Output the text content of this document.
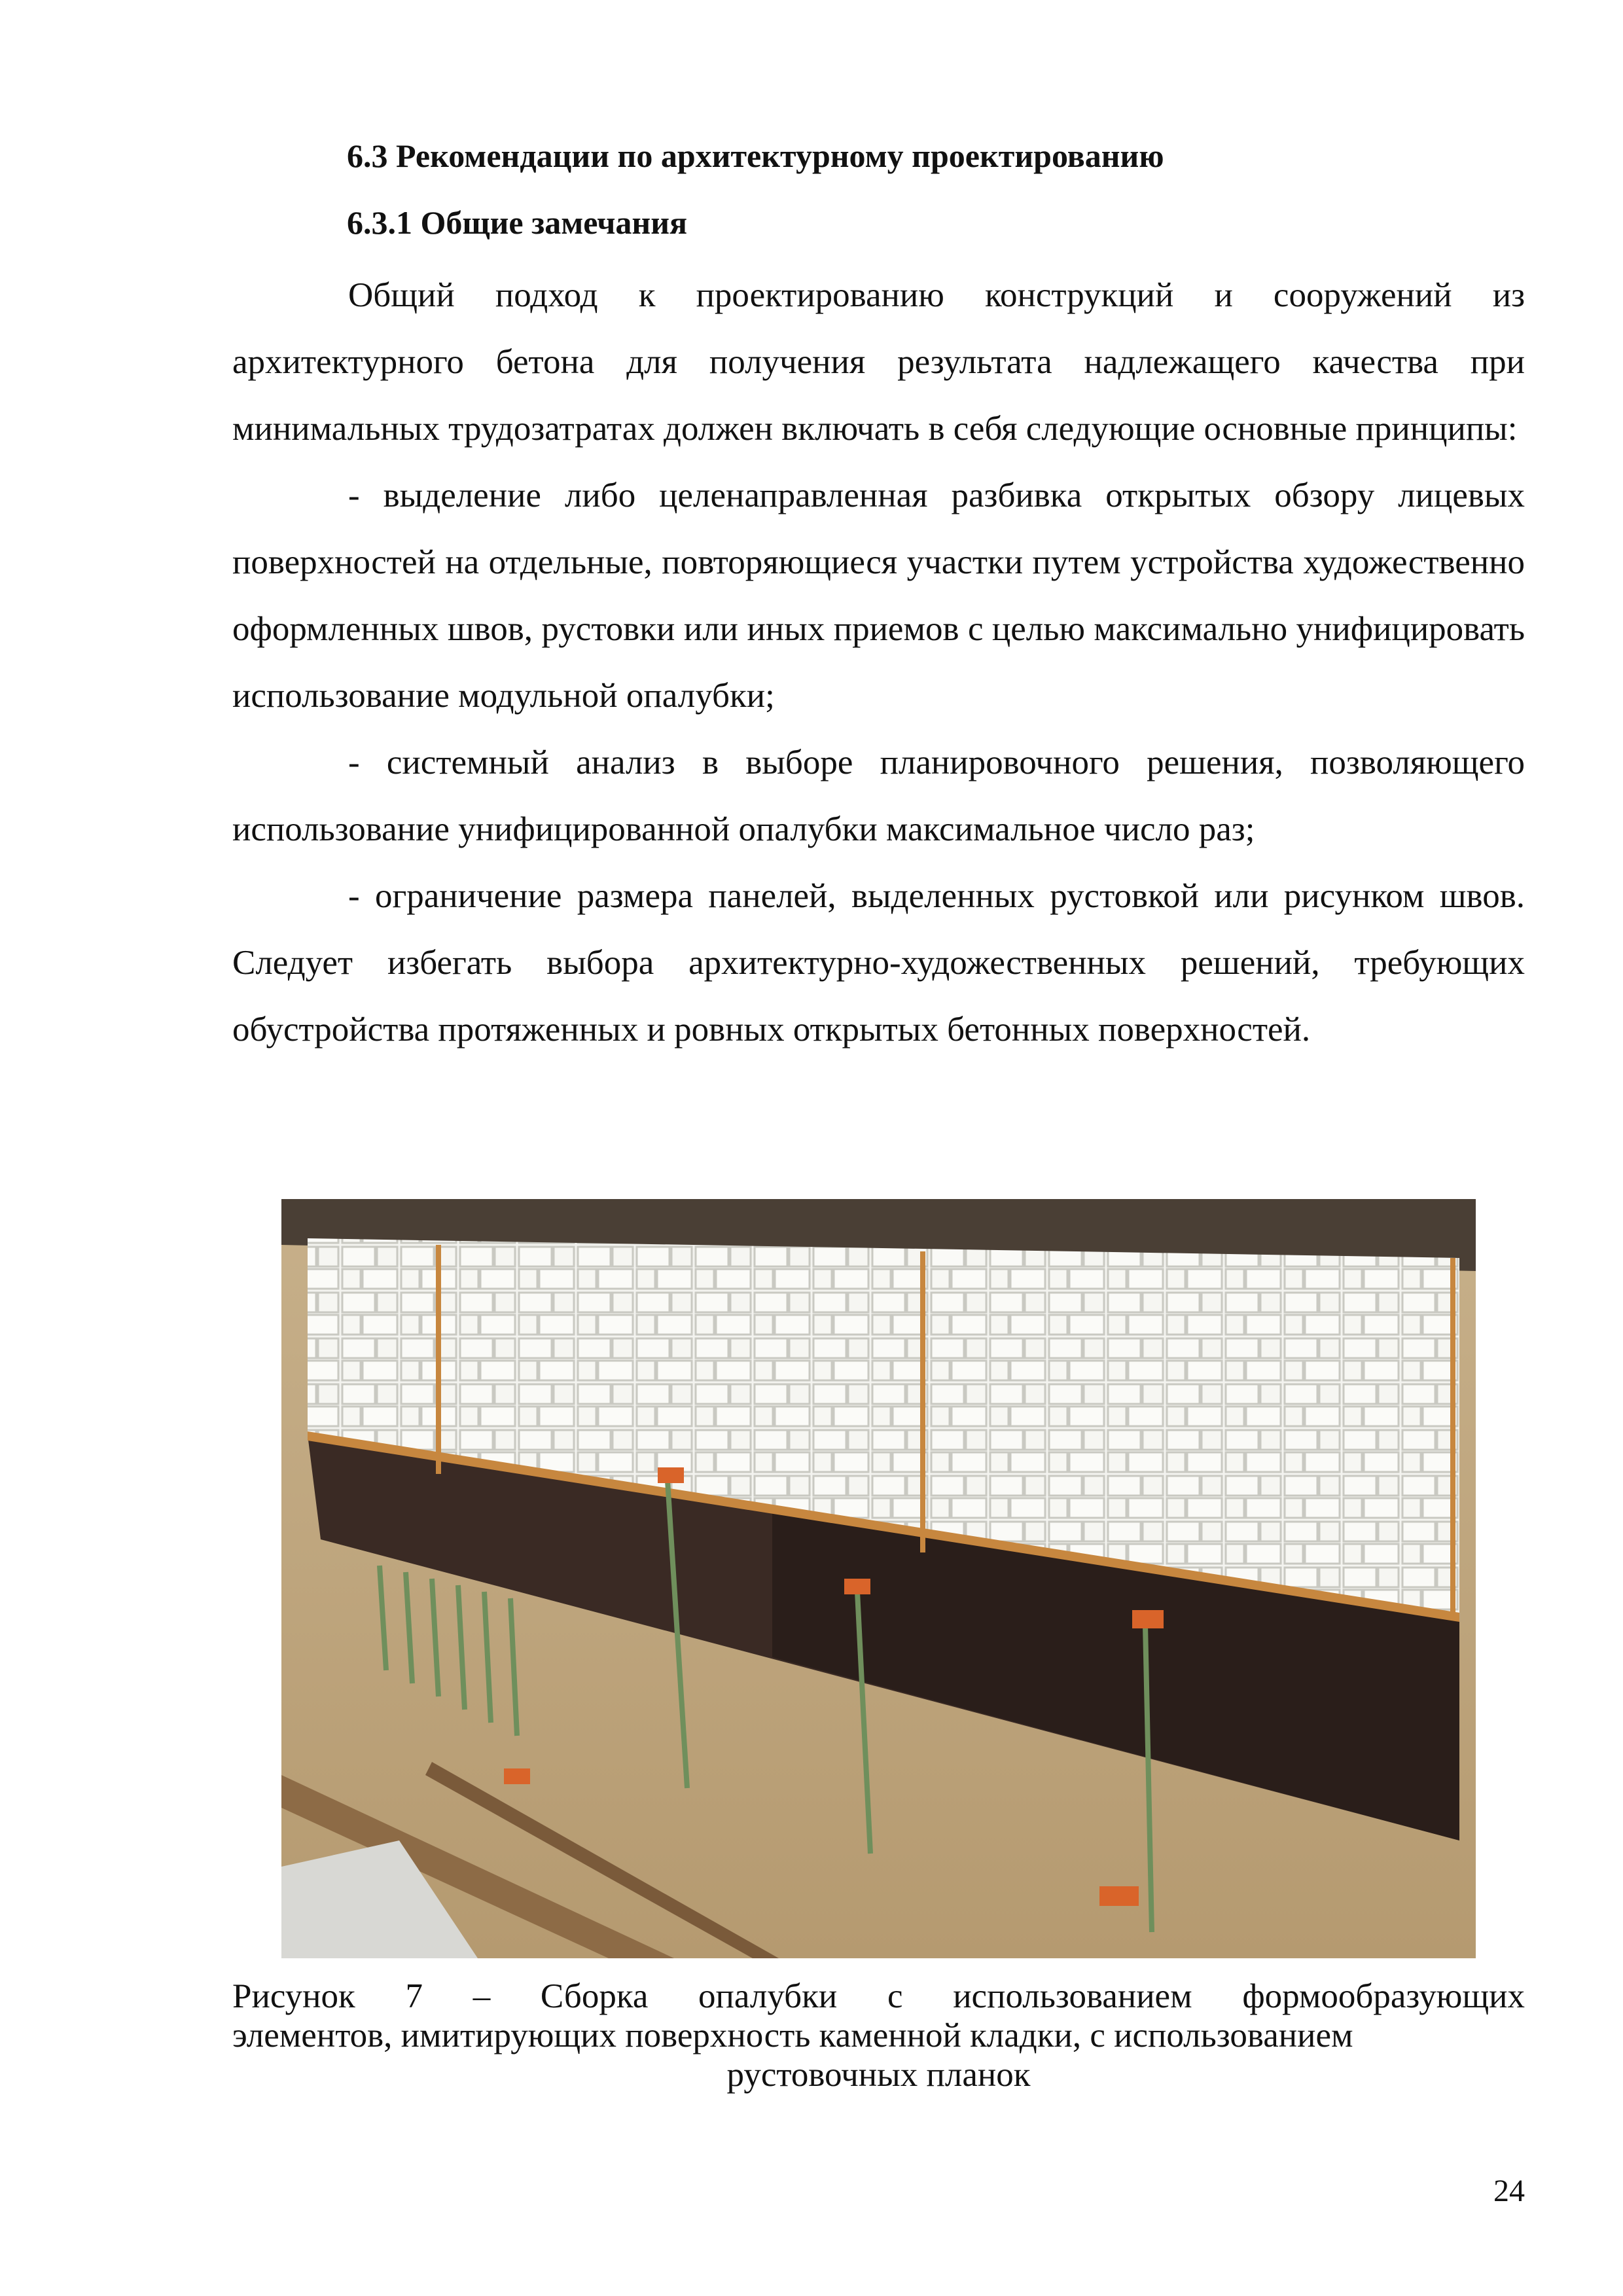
6.3 Рекомендации по архитектурному проектированию
6.3.1 Общие замечания

Общий подход к проектированию конструкций и сооружений из архитектурного бетона для получения результата надлежащего качества при минимальных трудозатратах должен включать в себя следующие основные принципы:

- выделение либо целенаправленная разбивка открытых обзору лицевых поверхностей на отдельные, повторяющиеся участки путем устройства художественно оформленных швов, рустовки или иных приемов с целью максимально унифицировать использование модульной опалубки;

- системный анализ в выборе планировочного решения, позволяющего использование унифицированной опалубки максимальное число раз;

- ограничение размера панелей, выделенных рустовкой или рисунком швов. Следует избегать выбора архитектурно-художественных решений, требующих обустройства протяженных и ровных открытых бетонных поверхностей.

Рисунок 7 – Сборка опалубки с использованием формообразующих
элементов, имитирующих поверхность каменной кладки, с использованием
рустовочных планок
24
